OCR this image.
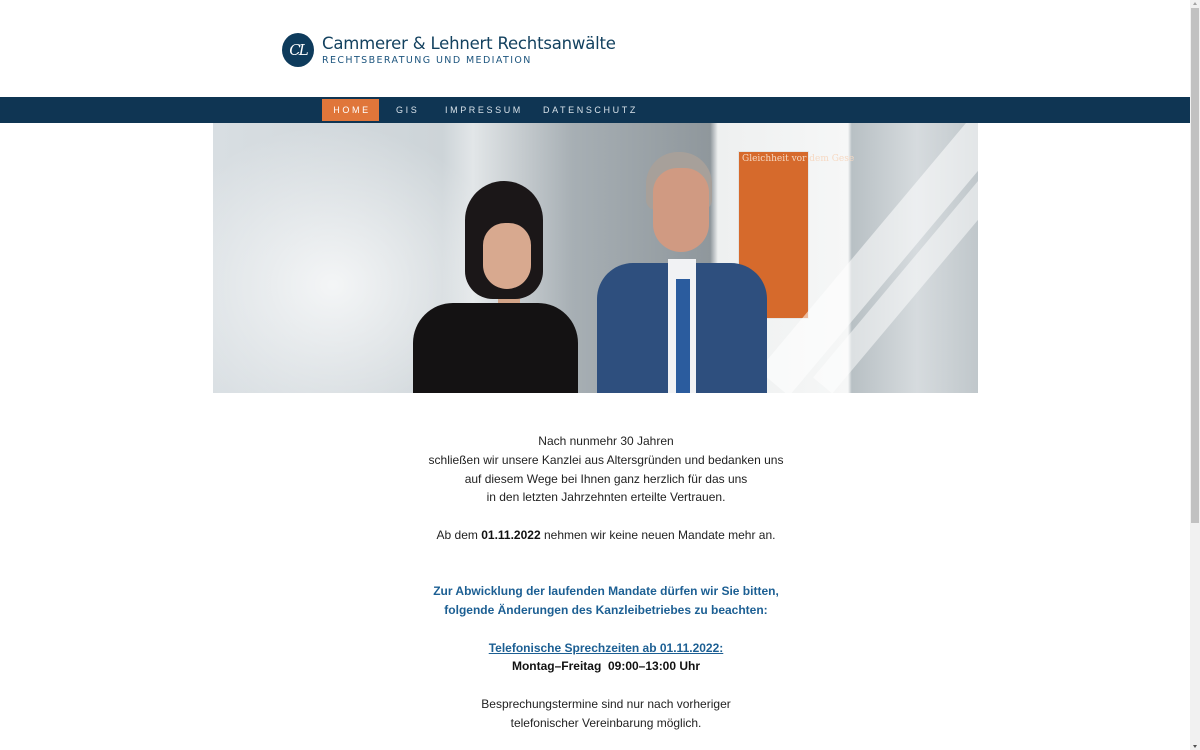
CL Cammerer & Lehnert Rechtsanwälte
RECHTSBERATUNG UND MEDIATION
HOME	GIS	IMPRESSUM DATENSCHUTZ
Gleichheit vor dem Gese

Nach nunmehr 30 Jahren

schließen wir unsere Kanzlei aus Altersgründen und bedanken uns

auf diesem Wege bei Ihnen ganz herzlich für das uns

in den letzten Jahrzehnten erteilte Vertrauen.

Ab dem 01.11.2022 nehmen wir keine neuen Mandate mehr an.

Zur Abwicklung der laufenden Mandate dürfen wir Sie bitten,

folgende Änderungen des Kanzleibetriebes zu beachten:

Telefonische Sprechzeiten ab 01.11.2022:

Montag–Freitag  09:00–13:00 Uhr

Besprechungstermine sind nur nach vorheriger

telefonischer Vereinbarung möglich.
